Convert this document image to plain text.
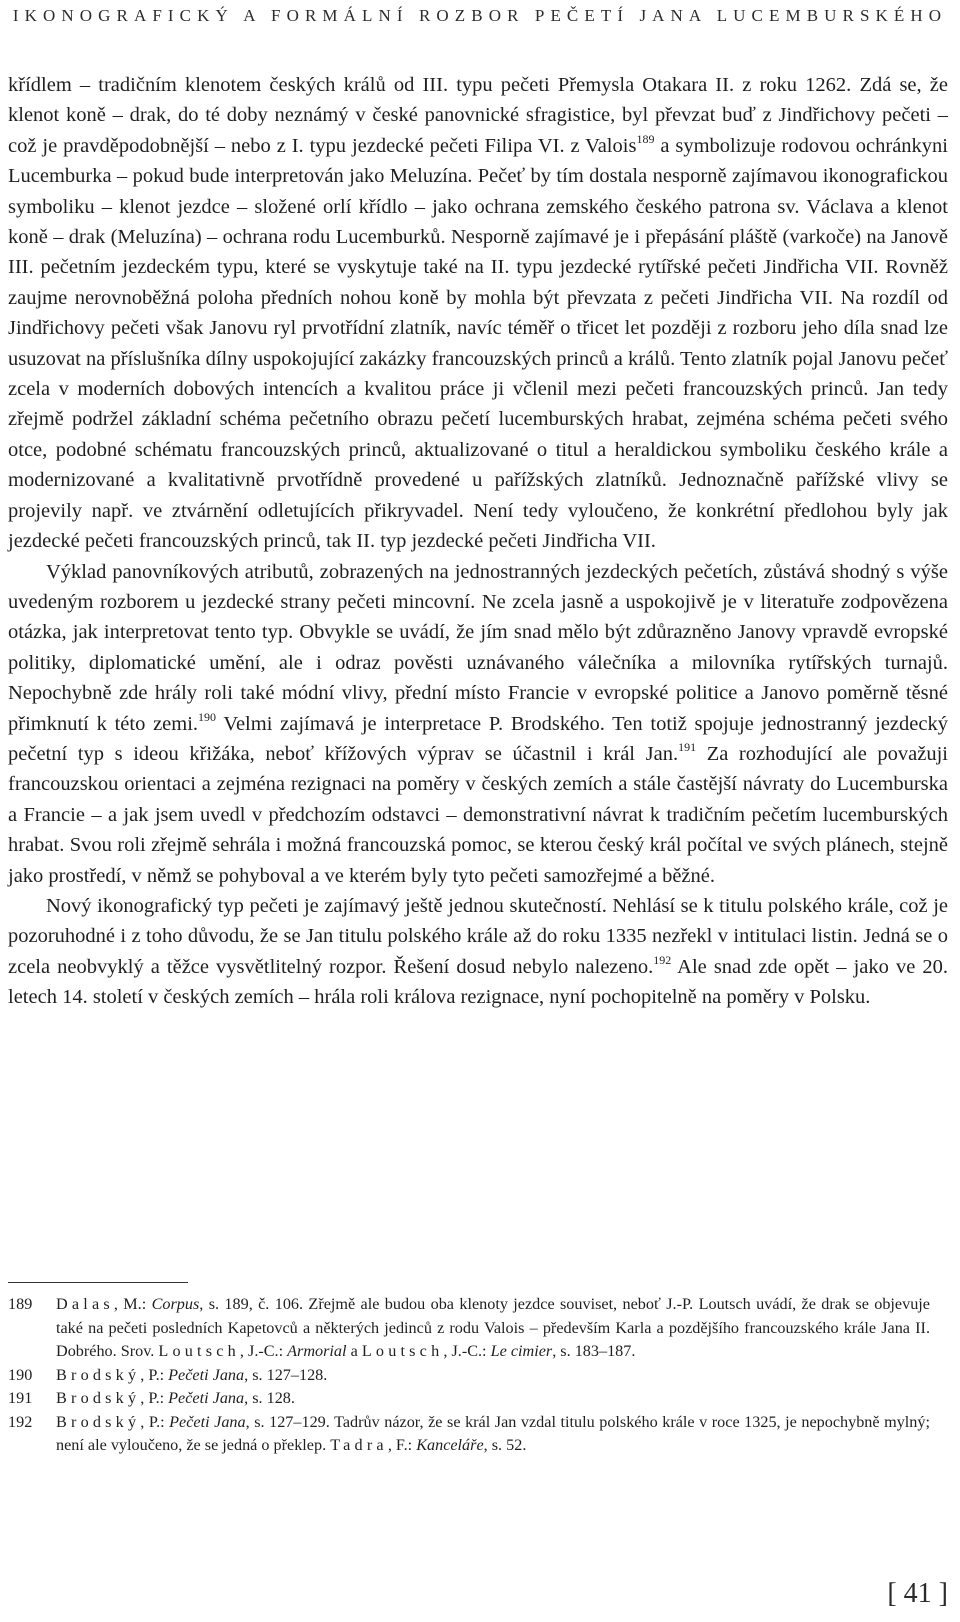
IKONOGRAFICKÝ A FORMÁLNÍ ROZBOR PEČETÍ JANA LUCEMBURSKÉHO

křídlem – tradičním klenotem českých králů od III. typu pečeti Přemysla Otakara II. z roku 1262. Zdá se, že klenot koně – drak, do té doby neznámý v české panovnické sfragistice, byl převzat buď z Jindřichovy pečeti – což je pravděpodobnější – nebo z I. typu jezdecké pečeti Filipa VI. z Valois$^{189}$ a symbolizuje rodovou ochránkyni Lucemburka – pokud bude interpretován jako Meluzína. Pečeť by tím dostala nesporně zajímavou ikonografickou symboliku – klenot jezdce – složené orlí křídlo – jako ochrana zemského českého patrona sv. Václava a klenot koně – drak (Meluzína) – ochrana rodu Lucemburků. Nesporně zajímavé je i přepásání pláště (varkoče) na Janově III. pečetním jezdeckém typu, které se vyskytuje také na II. typu jezdecké rytířské pečeti Jindřicha VII. Rovněž zaujme nerovnoběžná poloha předních nohou koně by mohla být převzata z pečeti Jindřicha VII. Na rozdíl od Jindřichovy pečeti však Janovu ryl prvotřídní zlatník, navíc téměř o třicet let později z rozboru jeho díla snad lze usuzovat na příslušníka dílny uspokojující zakázky francouzských princů a králů. Tento zlatník pojal Janovu pečeť zcela v moderních dobových intencích a kvalitou práce ji včlenil mezi pečeti francouzských princů. Jan tedy zřejmě podržel základní schéma pečetního obrazu pečetí lucemburských hrabat, zejména schéma pečeti svého otce, podobné schématu francouzských princů, aktualizované o titul a heraldickou symboliku českého krále a modernizované a kvalitativně prvotřídně provedené u pařížských zlatníků. Jednoznačně pařížské vlivy se projevily např. ve ztvárnění odletujících přikryvadel. Není tedy vyloučeno, že konkrétní předlohou byly jak jezdecké pečeti francouzských princů, tak II. typ jezdecké pečeti Jindřicha VII.

Výklad panovníkových atributů, zobrazených na jednostranných jezdeckých pečetích, zůstává shodný s výše uvedeným rozborem u jezdecké strany pečeti mincovní. Ne zcela jasně a uspokojivě je v literatuře zodpovězena otázka, jak interpretovat tento typ. Obvykle se uvádí, že jím snad mělo být zdůrazněno Janovy vpravdě evropské politiky, diplomatické umění, ale i odraz pověsti uznávaného válečníka a milovníka rytířských turnajů. Nepochybně zde hrály roli také módní vlivy, přední místo Francie v evropské politice a Janovo poměrně těsné přimknutí k této zemi.$^{190}$ Velmi zajímavá je interpretace P. Brodského. Ten totiž spojuje jednostranný jezdecký pečetní typ s ideou křižáka, neboť křížových výprav se účastnil i král Jan.$^{191}$ Za rozhodující ale považuji francouzskou orientaci a zejména rezignaci na poměry v českých zemích a stále častější návraty do Lucemburska a Francie – a jak jsem uvedl v předchozím odstavci – demonstrativní návrat k tradičním pečetím lucemburských hrabat. Svou roli zřejmě sehrála i možná francouzská pomoc, se kterou český král počítal ve svých plánech, stejně jako prostředí, v němž se pohyboval a ve kterém byly tyto pečeti samozřejmé a běžné.

Nový ikonografický typ pečeti je zajímavý ještě jednou skutečností. Nehlásí se k titulu polského krále, což je pozoruhodné i z toho důvodu, že se Jan titulu polského krále až do roku 1335 nezřekl v intitulaci listin. Jedná se o zcela neobvyklý a těžce vysvětlitelný rozpor. Řešení dosud nebylo nalezeno.$^{192}$ Ale snad zde opět – jako ve 20. letech 14. století v českých zemích – hrála roli králova rezignace, nyní pochopitelně na poměry v Polsku.

189	Dalas, M.: Corpus, s. 189, č. 106. Zřejmě ale budou oba klenoty jezdce souviset, neboť J.-P. Loutsch uvádí, že drak se objevuje také na pečeti posledních Kapetovců a některých jedinců z rodu Valois – především Karla a pozdějšího francouzského krále Jana II. Dobrého. Srov. Loutsch, J.-C.: Armorial a Loutsch, J.-C.: Le cimier, s. 183–187.
190	Brodský, P.: Pečeti Jana, s. 127–128.
191	Brodský, P.: Pečeti Jana, s. 128.
192	Brodský, P.: Pečeti Jana, s. 127–129. Tadrův názor, že se král Jan vzdal titulu polského krále v roce 1325, je nepochybně mylný; není ale vyloučeno, že se jedná o překlep. Tadra, F.: Kanceláře, s. 52.
[ 41 ]
